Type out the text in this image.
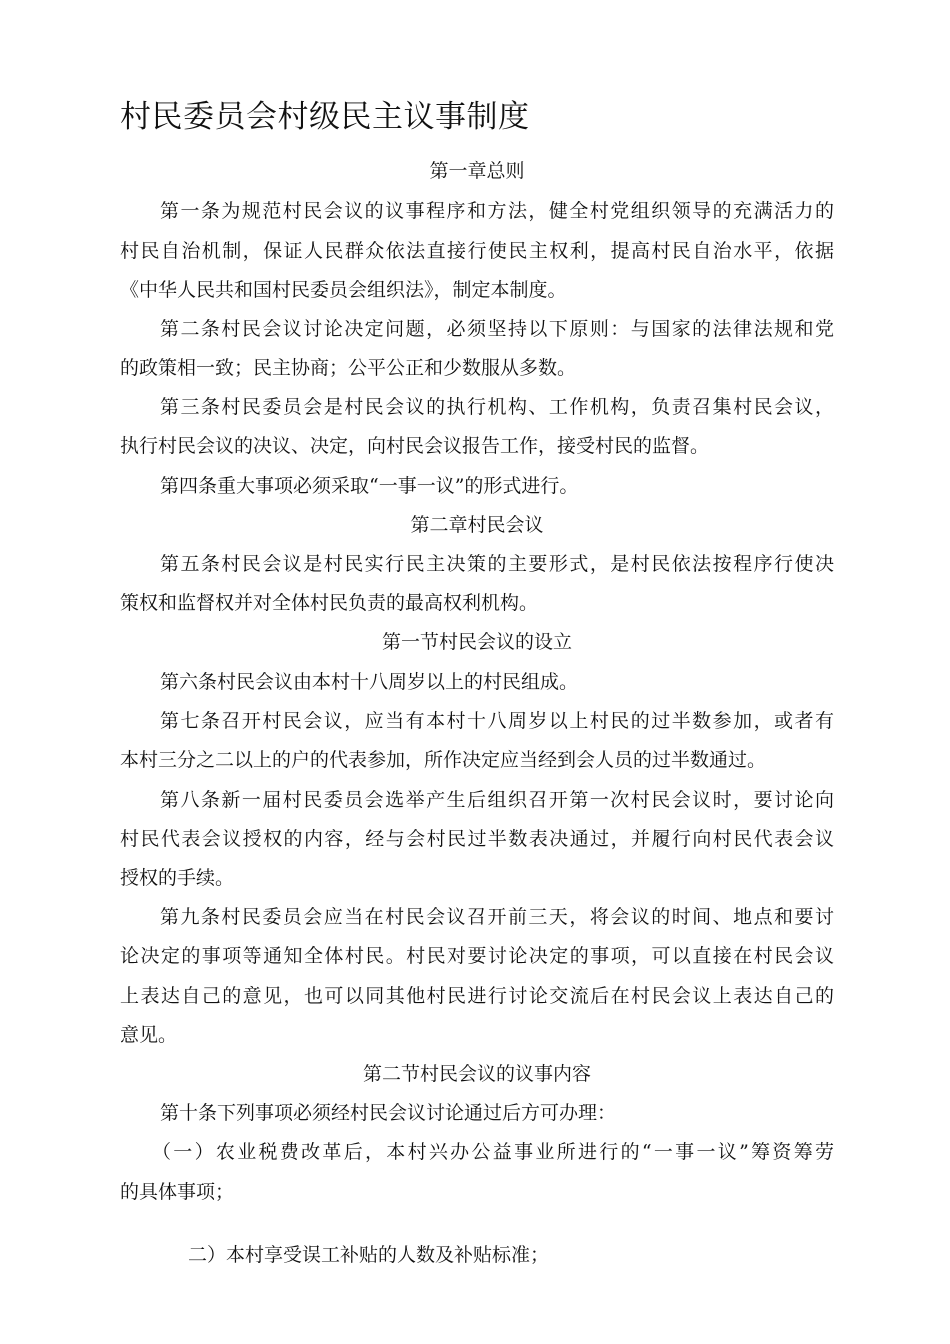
村民委员会村级民主议事制度

第一章总则

第一条为规范村民会议的议事程序和方法，健全村党组织领导的充满活力的

村民自治机制，保证人民群众依法直接行使民主权利，提高村民自治水平，依据

《中华人民共和国村民委员会组织法》，制定本制度。

第二条村民会议讨论决定问题，必须坚持以下原则：与国家的法律法规和党

的政策相一致；民主协商；公平公正和少数服从多数。

第三条村民委员会是村民会议的执行机构、工作机构，负责召集村民会议，

执行村民会议的决议、决定，向村民会议报告工作，接受村民的监督。

第四条重大事项必须采取“一事一议”的形式进行。

第二章村民会议

第五条村民会议是村民实行民主决策的主要形式，是村民依法按程序行使决

策权和监督权并对全体村民负责的最高权利机构。

第一节村民会议的设立

第六条村民会议由本村十八周岁以上的村民组成。

第七条召开村民会议，应当有本村十八周岁以上村民的过半数参加，或者有

本村三分之二以上的户的代表参加，所作决定应当经到会人员的过半数通过。

第八条新一届村民委员会选举产生后组织召开第一次村民会议时，要讨论向

村民代表会议授权的内容，经与会村民过半数表决通过，并履行向村民代表会议

授权的手续。

第九条村民委员会应当在村民会议召开前三天，将会议的时间、地点和要讨

论决定的事项等通知全体村民。村民对要讨论决定的事项，可以直接在村民会议

上表达自己的意见，也可以同其他村民进行讨论交流后在村民会议上表达自己的

意见。

第二节村民会议的议事内容

第十条下列事项必须经村民会议讨论通过后方可办理：

（一）农业税费改革后，本村兴办公益事业所进行的“一事一议”筹资筹劳

的具体事项；

二）本村享受误工补贴的人数及补贴标准；
